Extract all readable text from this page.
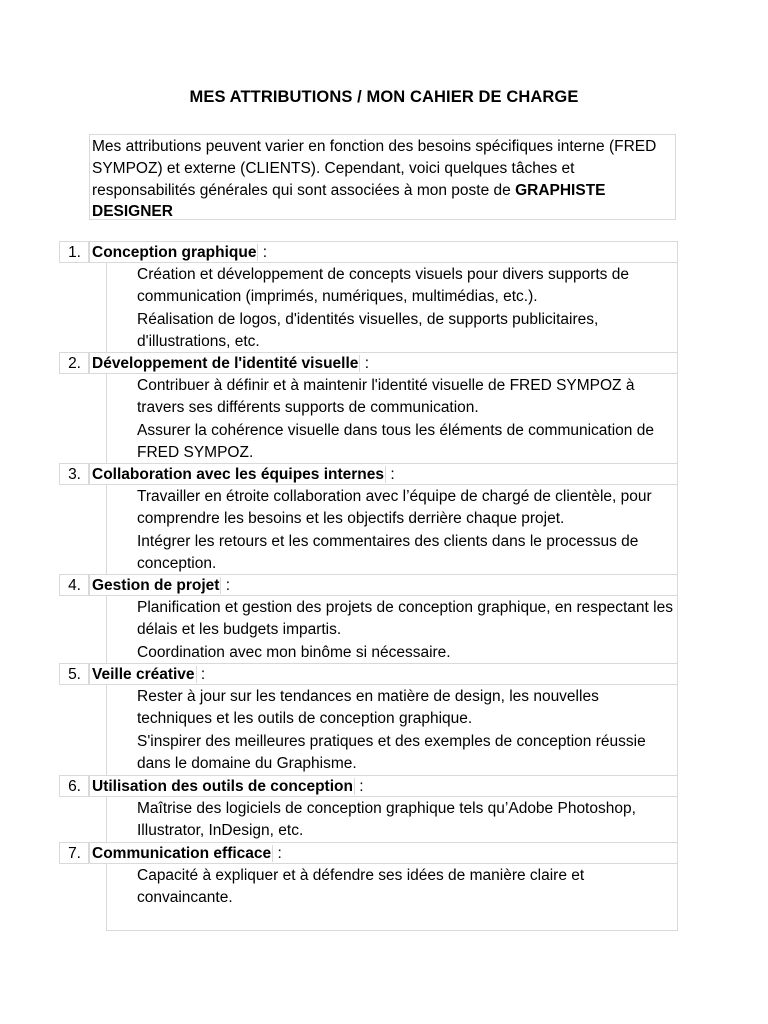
MES ATTRIBUTIONS / MON CAHIER DE CHARGE
Mes attributions peuvent varier en fonction des besoins spécifiques interne (FRED SYMPOZ) et externe (CLIENTS). Cependant, voici quelques tâches et responsabilités générales qui sont associées à mon poste de GRAPHISTE DESIGNER
1. Conception graphique :

Création et développement de concepts visuels pour divers supports de communication (imprimés, numériques, multimédias, etc.).

Réalisation de logos, d'identités visuelles, de supports publicitaires, d'illustrations, etc.

2. Développement de l'identité visuelle :

Contribuer à définir et à maintenir l'identité visuelle de FRED SYMPOZ à travers ses différents supports de communication.

Assurer la cohérence visuelle dans tous les éléments de communication de FRED SYMPOZ.

3. Collaboration avec les équipes internes :

Travailler en étroite collaboration avec l’équipe de chargé de clientèle, pour comprendre les besoins et les objectifs derrière chaque projet.

Intégrer les retours et les commentaires des clients dans le processus de conception.

4. Gestion de projet :

Planification et gestion des projets de conception graphique, en respectant les délais et les budgets impartis.

Coordination avec mon binôme si nécessaire.

5. Veille créative :

Rester à jour sur les tendances en matière de design, les nouvelles techniques et les outils de conception graphique.

S'inspirer des meilleures pratiques et des exemples de conception réussie dans le domaine du Graphisme.

6. Utilisation des outils de conception :

Maîtrise des logiciels de conception graphique tels qu’Adobe Photoshop, Illustrator, InDesign, etc.

7. Communication efficace :

Capacité à expliquer et à défendre ses idées de manière claire et convaincante.
